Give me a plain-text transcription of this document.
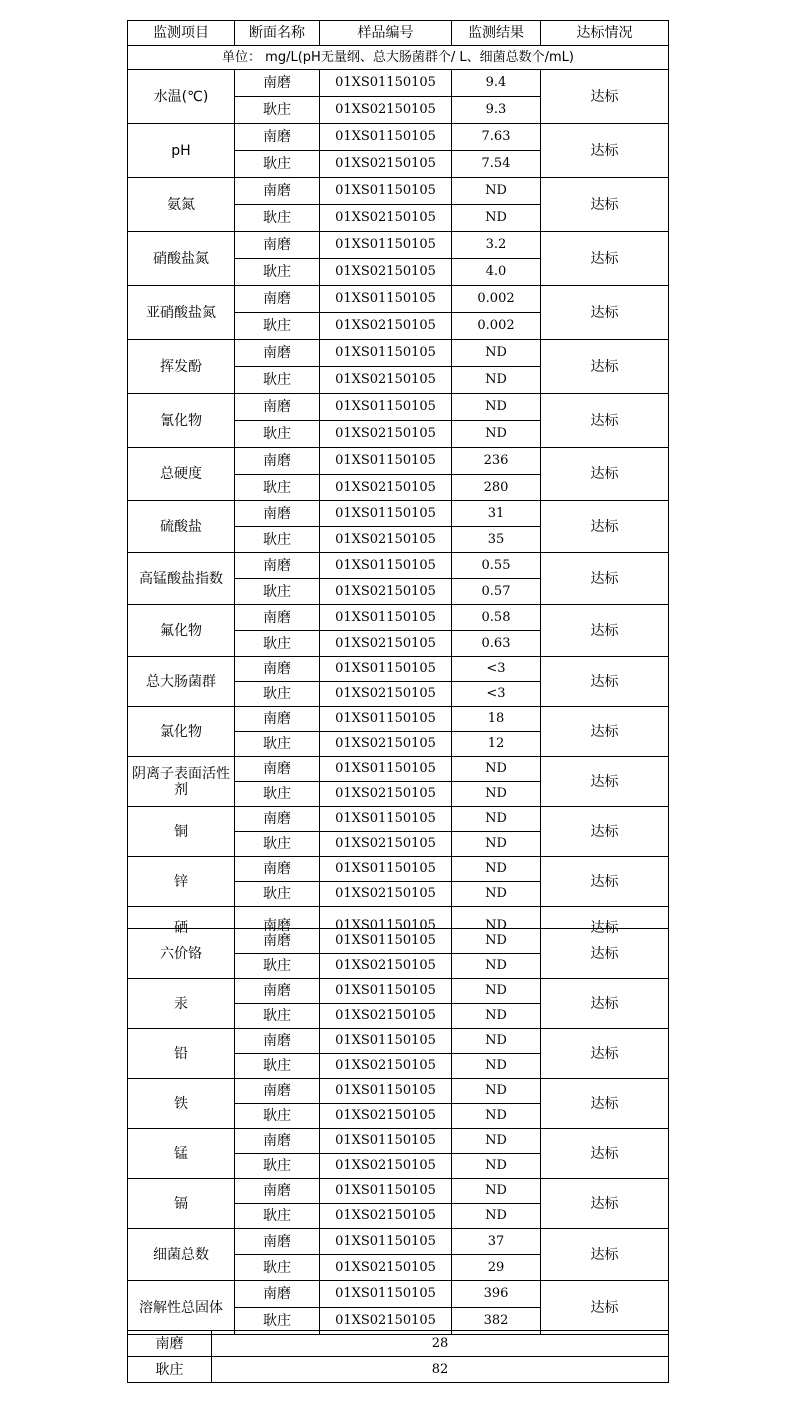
监测项目	断面名称	样品编号	监测结果	达标情况
单位： mg/L(pH无量纲、总大肠菌群个/ L、细菌总数个/mL)				
水温(℃)	南磨	01XS01150105	9.4	达标
	耿庄	01XS02150105	9.3	
pH	南磨	01XS01150105	7.63	达标
	耿庄	01XS02150105	7.54	
氨氮	南磨	01XS01150105	ND	达标
	耿庄	01XS02150105	ND	
硝酸盐氮	南磨	01XS01150105	3.2	达标
	耿庄	01XS02150105	4.0	
亚硝酸盐氮	南磨	01XS01150105	0.002	达标
	耿庄	01XS02150105	0.002	
挥发酚	南磨	01XS01150105	ND	达标
	耿庄	01XS02150105	ND	
氰化物	南磨	01XS01150105	ND	达标
	耿庄	01XS02150105	ND	
总硬度	南磨	01XS01150105	236	达标
	耿庄	01XS02150105	280	
硫酸盐	南磨	01XS01150105	31	达标
	耿庄	01XS02150105	35	
高锰酸盐指数	南磨	01XS01150105	0.55	达标
	耿庄	01XS02150105	0.57	
氟化物	南磨	01XS01150105	0.58	达标
	耿庄	01XS02150105	0.63	
总大肠菌群	南磨	01XS01150105	<3	达标
	耿庄	01XS02150105	<3	
氯化物	南磨	01XS01150105	18	达标
	耿庄	01XS02150105	12	
阴离子表面活性剂	南磨	01XS01150105	ND	达标
	耿庄	01XS02150105	ND	
铜	南磨	01XS01150105	ND	达标
	耿庄	01XS02150105	ND	
锌	南磨	01XS01150105	ND	达标
	耿庄	01XS02150105	ND	
硒	南磨	01XS01150105	ND	达标
六价铬	南磨	01XS01150105	ND	达标
	耿庄	01XS02150105	ND	
汞	南磨	01XS01150105	ND	达标
	耿庄	01XS02150105	ND	
铅	南磨	01XS01150105	ND	达标
	耿庄	01XS02150105	ND	
铁	南磨	01XS01150105	ND	达标
	耿庄	01XS02150105	ND	
锰	南磨	01XS01150105	ND	达标
	耿庄	01XS02150105	ND	
镉	南磨	01XS01150105	ND	达标
	耿庄	01XS02150105	ND	
细菌总数	南磨	01XS01150105	37	达标
	耿庄	01XS02150105	29	
溶解性总固体	南磨	01XS01150105	396	达标
	耿庄	01XS02150105	382	
南磨	28
耿庄	82
